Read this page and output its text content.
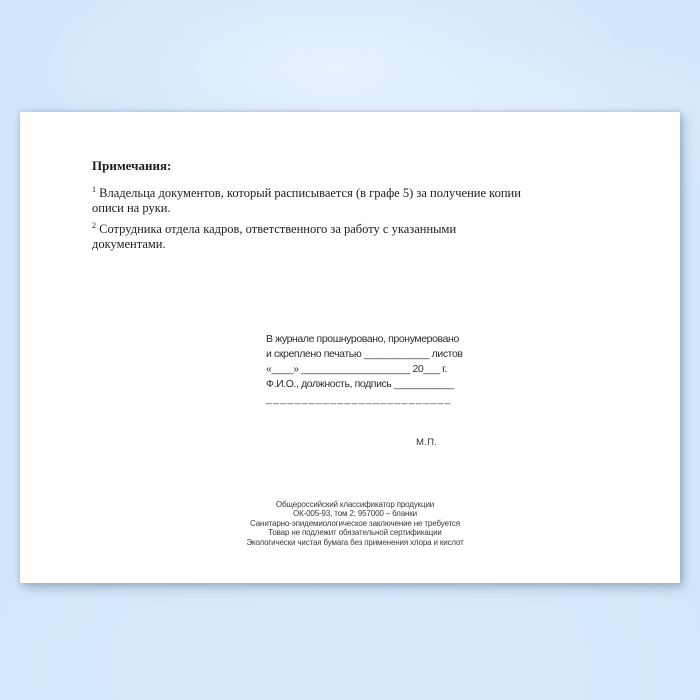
Примечания:
$^1$ Владельца документов, который расписывается (в графе 5) за получение копии описи на руки.
$^2$ Сотрудника отдела кадров, ответственного за работу с указанными документами.
В журнале прошнуровано, пронумеровано
и скреплено печатью ____________ листов
«____» ____________________ 20___ г.
Ф.И.О., должность, подпись ___________
__________________________
М.П.
Общероссийский классификатор продукции
ОК-005-93, том 2; 957000 – бланки
Санитарно-эпидемиологическое заключение не требуется
Товар не подлежит обязательной сертификации
Экологически чистая бумага без применения хлора и кислот
